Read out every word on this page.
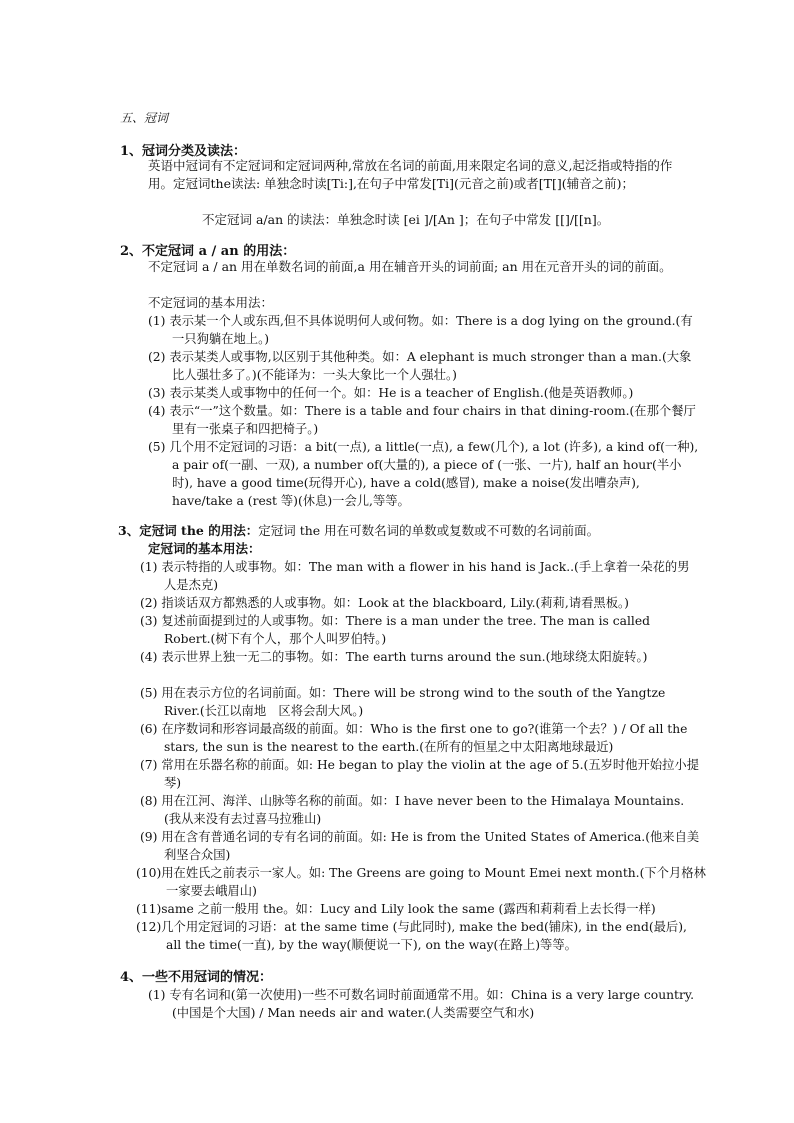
五、冠词
1、冠词分类及读法：
英语中冠词有不定冠词和定冠词两种,常放在名词的前面,用来限定名词的意义,起泛指或特指的作用。定冠词the读法: 单独念时读[Ti:],在句子中常发[Ti](元音之前)或者[T[](辅音之前)；
不定冠词 a/an 的读法：单独念时读 [ei ]/[An ]；在句子中常发 [[]/[[n]。
2、不定冠词 a / an 的用法：
不定冠词 a / an 用在单数名词的前面,a 用在辅音开头的词前面; an 用在元音开头的词的前面。
不定冠词的基本用法：
(1) 表示某一个人或东西,但不具体说明何人或何物。如：There is a dog lying on the ground.(有一只狗躺在地上。)
(2) 表示某类人或事物,以区别于其他种类。如：A elephant is much stronger than a man.(大象比人强壮多了。)(不能译为：一头大象比一个人强壮。)
(3) 表示某类人或事物中的任何一个。如：He is a teacher of English.(他是英语教师。)
(4) 表示“一”这个数量。如：There is a table and four chairs in that dining-room.(在那个餐厅里有一张桌子和四把椅子。)
(5) 几个用不定冠词的习语：a bit(一点), a little(一点), a few(几个), a lot (许多), a kind of(一种), a pair of(一副、一双), a number of(大量的), a piece of (一张、一片), half an hour(半小时), have a good time(玩得开心), have a cold(感冒), make a noise(发出嘈杂声), have/take a (rest 等)(休息)一会儿,等等。
3、定冠词 the 的用法：定冠词 the 用在可数名词的单数或复数或不可数的名词前面。
定冠词的基本用法：
(1) 表示特指的人或事物。如：The man with a flower in his hand is Jack..(手上拿着一朵花的男人是杰克)
(2) 指谈话双方都熟悉的人或事物。如：Look at the blackboard, Lily.(莉莉,请看黑板。)
(3) 复述前面提到过的人或事物。如：There is a man under the tree. The man is called Robert.(树下有个人，那个人叫罗伯特。)
(4) 表示世界上独一无二的事物。如：The earth turns around the sun.(地球绕太阳旋转。)
(5) 用在表示方位的名词前面。如：There will be strong wind to the south of the Yangtze River.(长江以南地　区将会刮大风。)
(6) 在序数词和形容词最高级的前面。如：Who is the first one to go?(谁第一个去？) / Of all the stars, the sun is the nearest to the earth.(在所有的恒星之中太阳离地球最近)
(7) 常用在乐器名称的前面。如: He began to play the violin at the age of 5.(五岁时他开始拉小提琴)
(8) 用在江河、海洋、山脉等名称的前面。如：I have never been to the Himalaya Mountains.(我从来没有去过喜马拉雅山)
(9) 用在含有普通名词的专有名词的前面。如: He is from the United States of America.(他来自美利坚合众国)
(10)用在姓氏之前表示一家人。如: The Greens are going to Mount Emei next month.(下个月格林一家要去峨眉山)
(11)same 之前一般用 the。如：Lucy and Lily look the same (露西和莉莉看上去长得一样)
(12)几个用定冠词的习语：at the same time (与此同时), make the bed(铺床), in the end(最后), all the time(一直), by the way(顺便说一下), on the way(在路上)等等。
4、一些不用冠词的情况：
(1) 专有名词和(第一次使用)一些不可数名词时前面通常不用。如：China is a very large country.(中国是个大国) / Man needs air and water.(人类需要空气和水)
